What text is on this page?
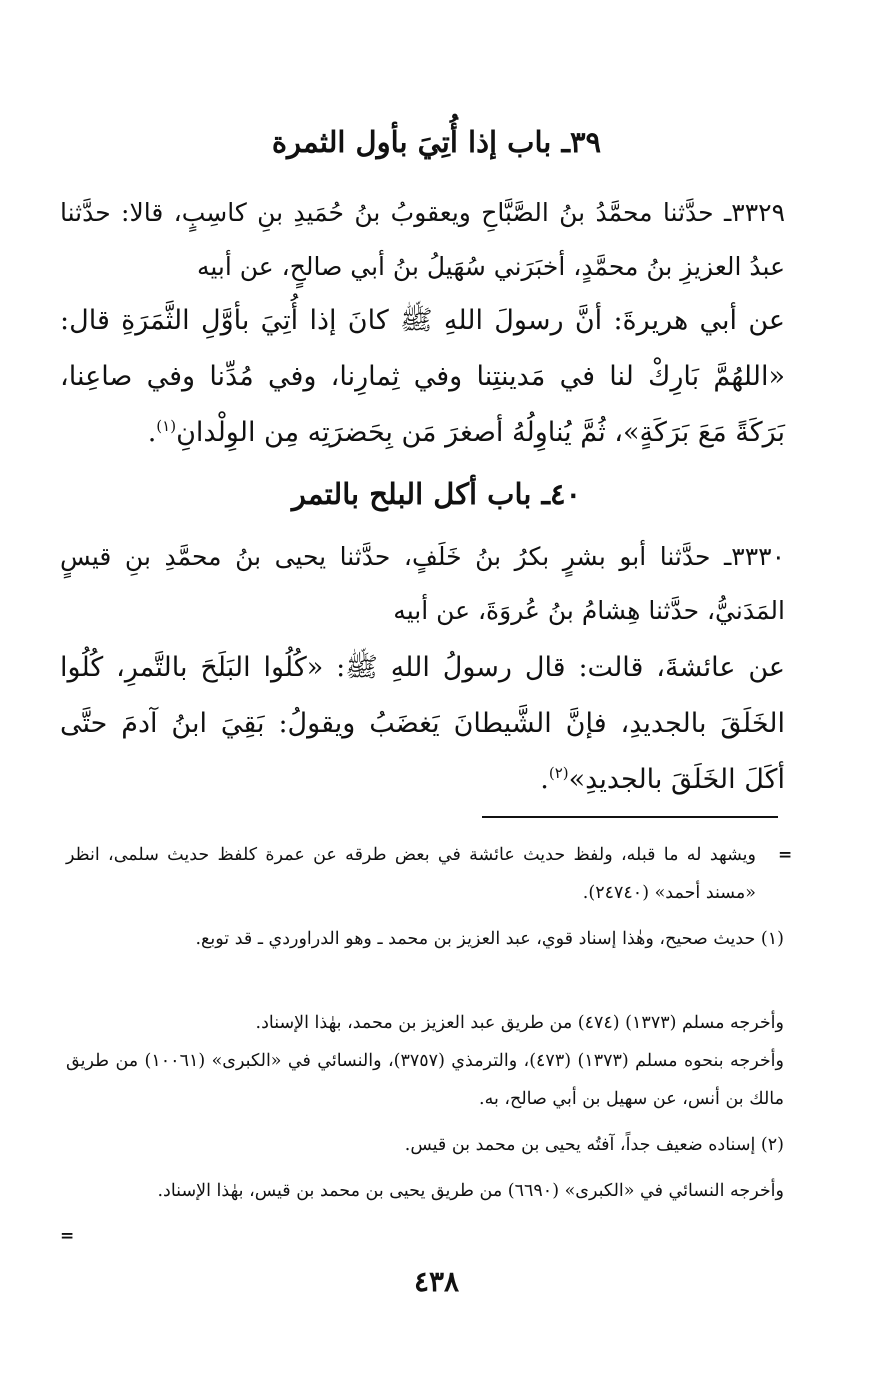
٣٩ـ باب إذا أُتِيَ بأول الثمرة
٣٣٢٩ـ حدَّثنا محمَّدُ بنُ الصَّبَّاحِ ويعقوبُ بنُ حُمَيدِ بنِ كاسِبٍ، قالا: حدَّثنا عبدُ العزيزِ بنُ محمَّدٍ، أخبَرَني سُهَيلُ بنُ أبي صالحٍ، عن أبيه
عن أبي هريرةَ: أنَّ رسولَ اللهِ ﷺ كانَ إذا أُتِيَ بأوَّلِ الثَّمَرَةِ قال: «اللهُمَّ بَارِكْ لنا في مَدينتِنا وفي ثِمارِنا، وفي مُدِّنا وفي صاعِنا، بَرَكَةً مَعَ بَرَكَةٍ»، ثُمَّ يُناوِلُهُ أصغرَ مَن بِحَضرَتِه مِن الوِلْدانِ$^{(١)}$.
٤٠ـ باب أكل البلح بالتمر
٣٣٣٠ـ حدَّثنا أبو بشرٍ بكرُ بنُ خَلَفٍ، حدَّثنا يحيى بنُ محمَّدِ بنِ قيسٍ المَدَنيُّ، حدَّثنا هِشامُ بنُ عُروَةَ، عن أبيه
عن عائشةَ، قالت: قال رسولُ اللهِ ﷺ: «كُلُوا البَلَحَ بالتَّمرِ، كُلُوا الخَلَقَ بالجديدِ، فإنَّ الشَّيطانَ يَغضَبُ ويقولُ: بَقِيَ ابنُ آدمَ حتَّى أكَلَ الخَلَقَ بالجديدِ»$^{(٢)}$.
=
ويشهد له ما قبله، ولفظ حديث عائشة في بعض طرقه عن عمرة كلفظ حديث سلمى، انظر «مسند أحمد» (٢٤٧٤٠).
(١) حديث صحيح، وهٰذا إسناد قوي، عبد العزيز بن محمد ـ وهو الدراوردي ـ قد توبع.
وأخرجه مسلم (١٣٧٣) (٤٧٤) من طريق عبد العزيز بن محمد، بهٰذا الإسناد.
وأخرجه بنحوه مسلم (١٣٧٣) (٤٧٣)، والترمذي (٣٧٥٧)، والنسائي في «الكبرى» (١٠٠٦١) من طريق مالك بن أنس، عن سهيل بن أبي صالح، به.
(٢) إسناده ضعيف جداً، آفتُه يحيى بن محمد بن قيس.
وأخرجه النسائي في «الكبرى» (٦٦٩٠) من طريق يحيى بن محمد بن قيس، بهٰذا الإسناد.
=
٤٣٨
